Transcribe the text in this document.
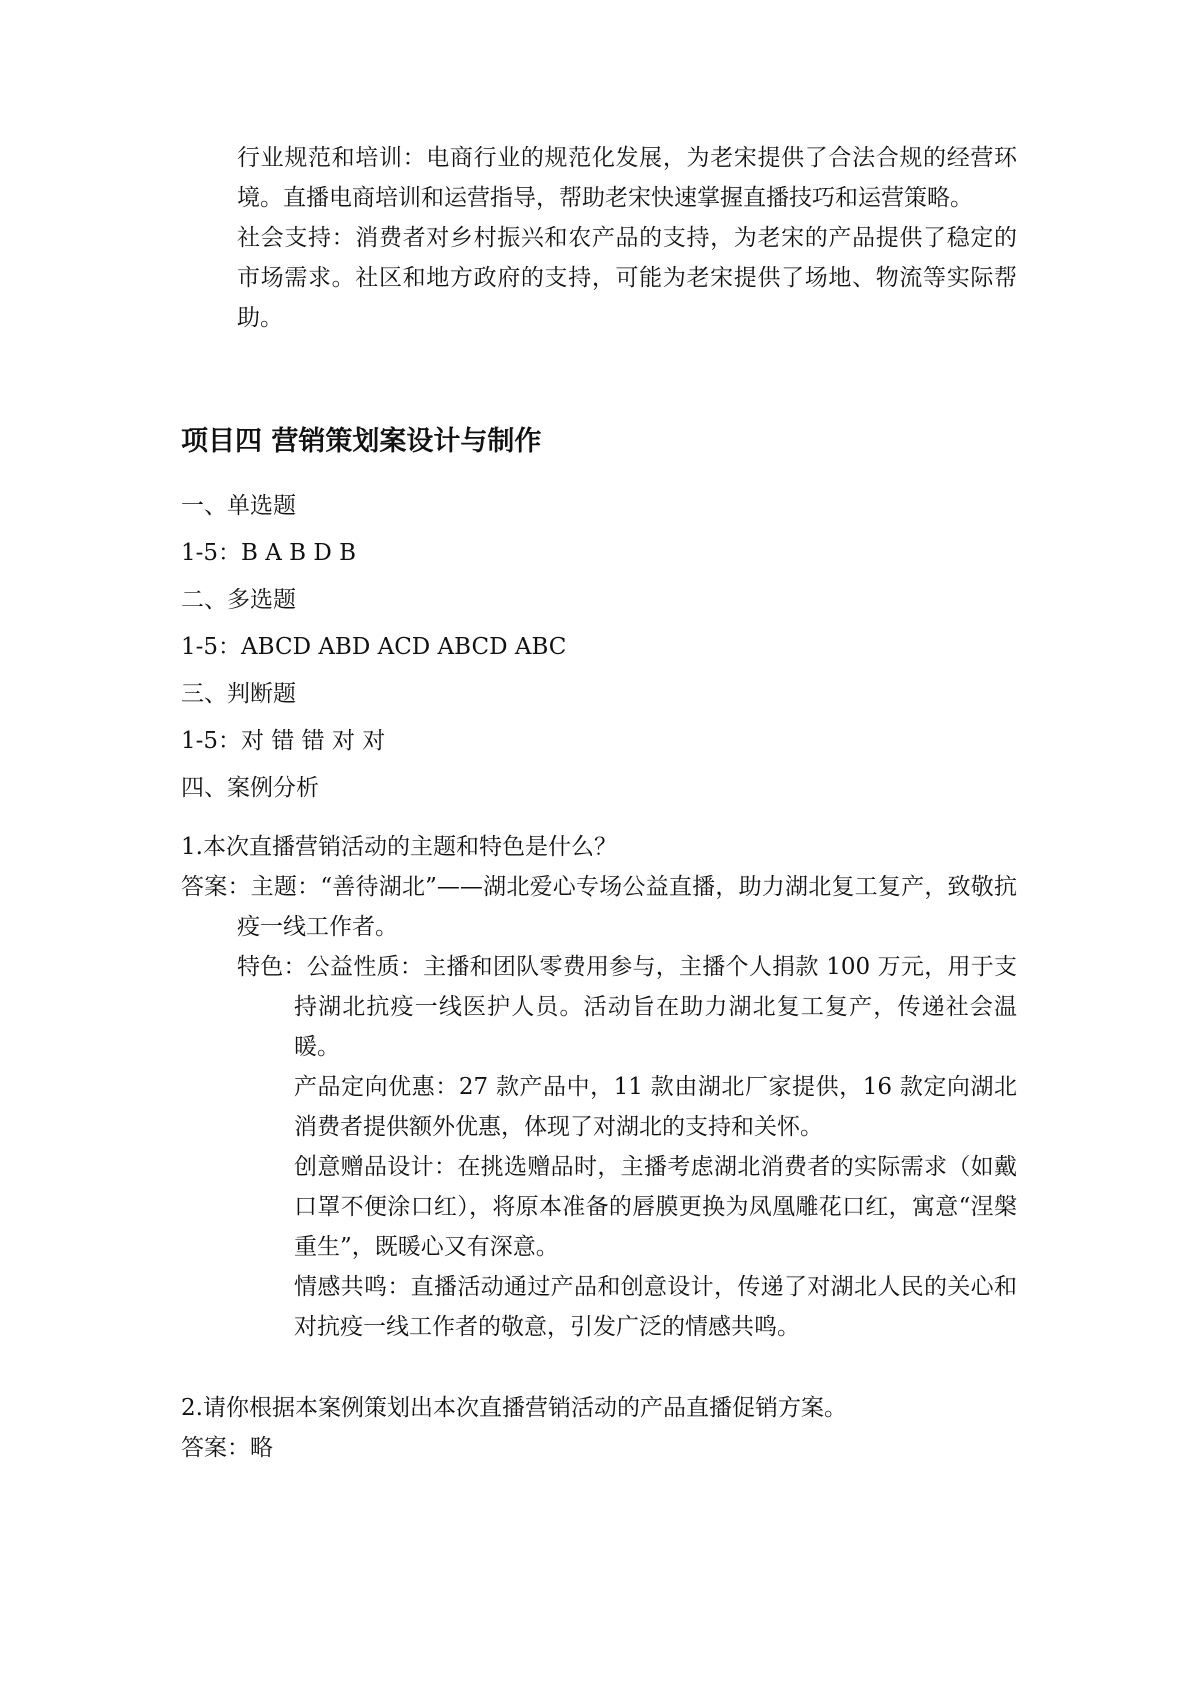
行业规范和培训：电商行业的规范化发展，为老宋提供了合法合规的经营环境。直播电商培训和运营指导，帮助老宋快速掌握直播技巧和运营策略。

社会支持：消费者对乡村振兴和农产品的支持，为老宋的产品提供了稳定的市场需求。社区和地方政府的支持，可能为老宋提供了场地、物流等实际帮助。

项目四 营销策划案设计与制作

一、单选题

1-5：B A B D B

二、多选题

1-5：ABCD ABD ACD ABCD ABC

三、判断题

1-5：对 错 错 对 对

四、案例分析

1.本次直播营销活动的主题和特色是什么？

答案：主题：“善待湖北”——湖北爱心专场公益直播，助力湖北复工复产，致敬抗疫一线工作者。

特色：公益性质：主播和团队零费用参与，主播个人捐款 100 万元，用于支持湖北抗疫一线医护人员。活动旨在助力湖北复工复产，传递社会温暖。

产品定向优惠：27 款产品中，11 款由湖北厂家提供，16 款定向湖北消费者提供额外优惠，体现了对湖北的支持和关怀。

创意赠品设计：在挑选赠品时，主播考虑湖北消费者的实际需求（如戴口罩不便涂口红），将原本准备的唇膜更换为凤凰雕花口红，寓意“涅槃重生”，既暖心又有深意。

情感共鸣：直播活动通过产品和创意设计，传递了对湖北人民的关心和对抗疫一线工作者的敬意，引发广泛的情感共鸣。

2.请你根据本案例策划出本次直播营销活动的产品直播促销方案。

答案：略
